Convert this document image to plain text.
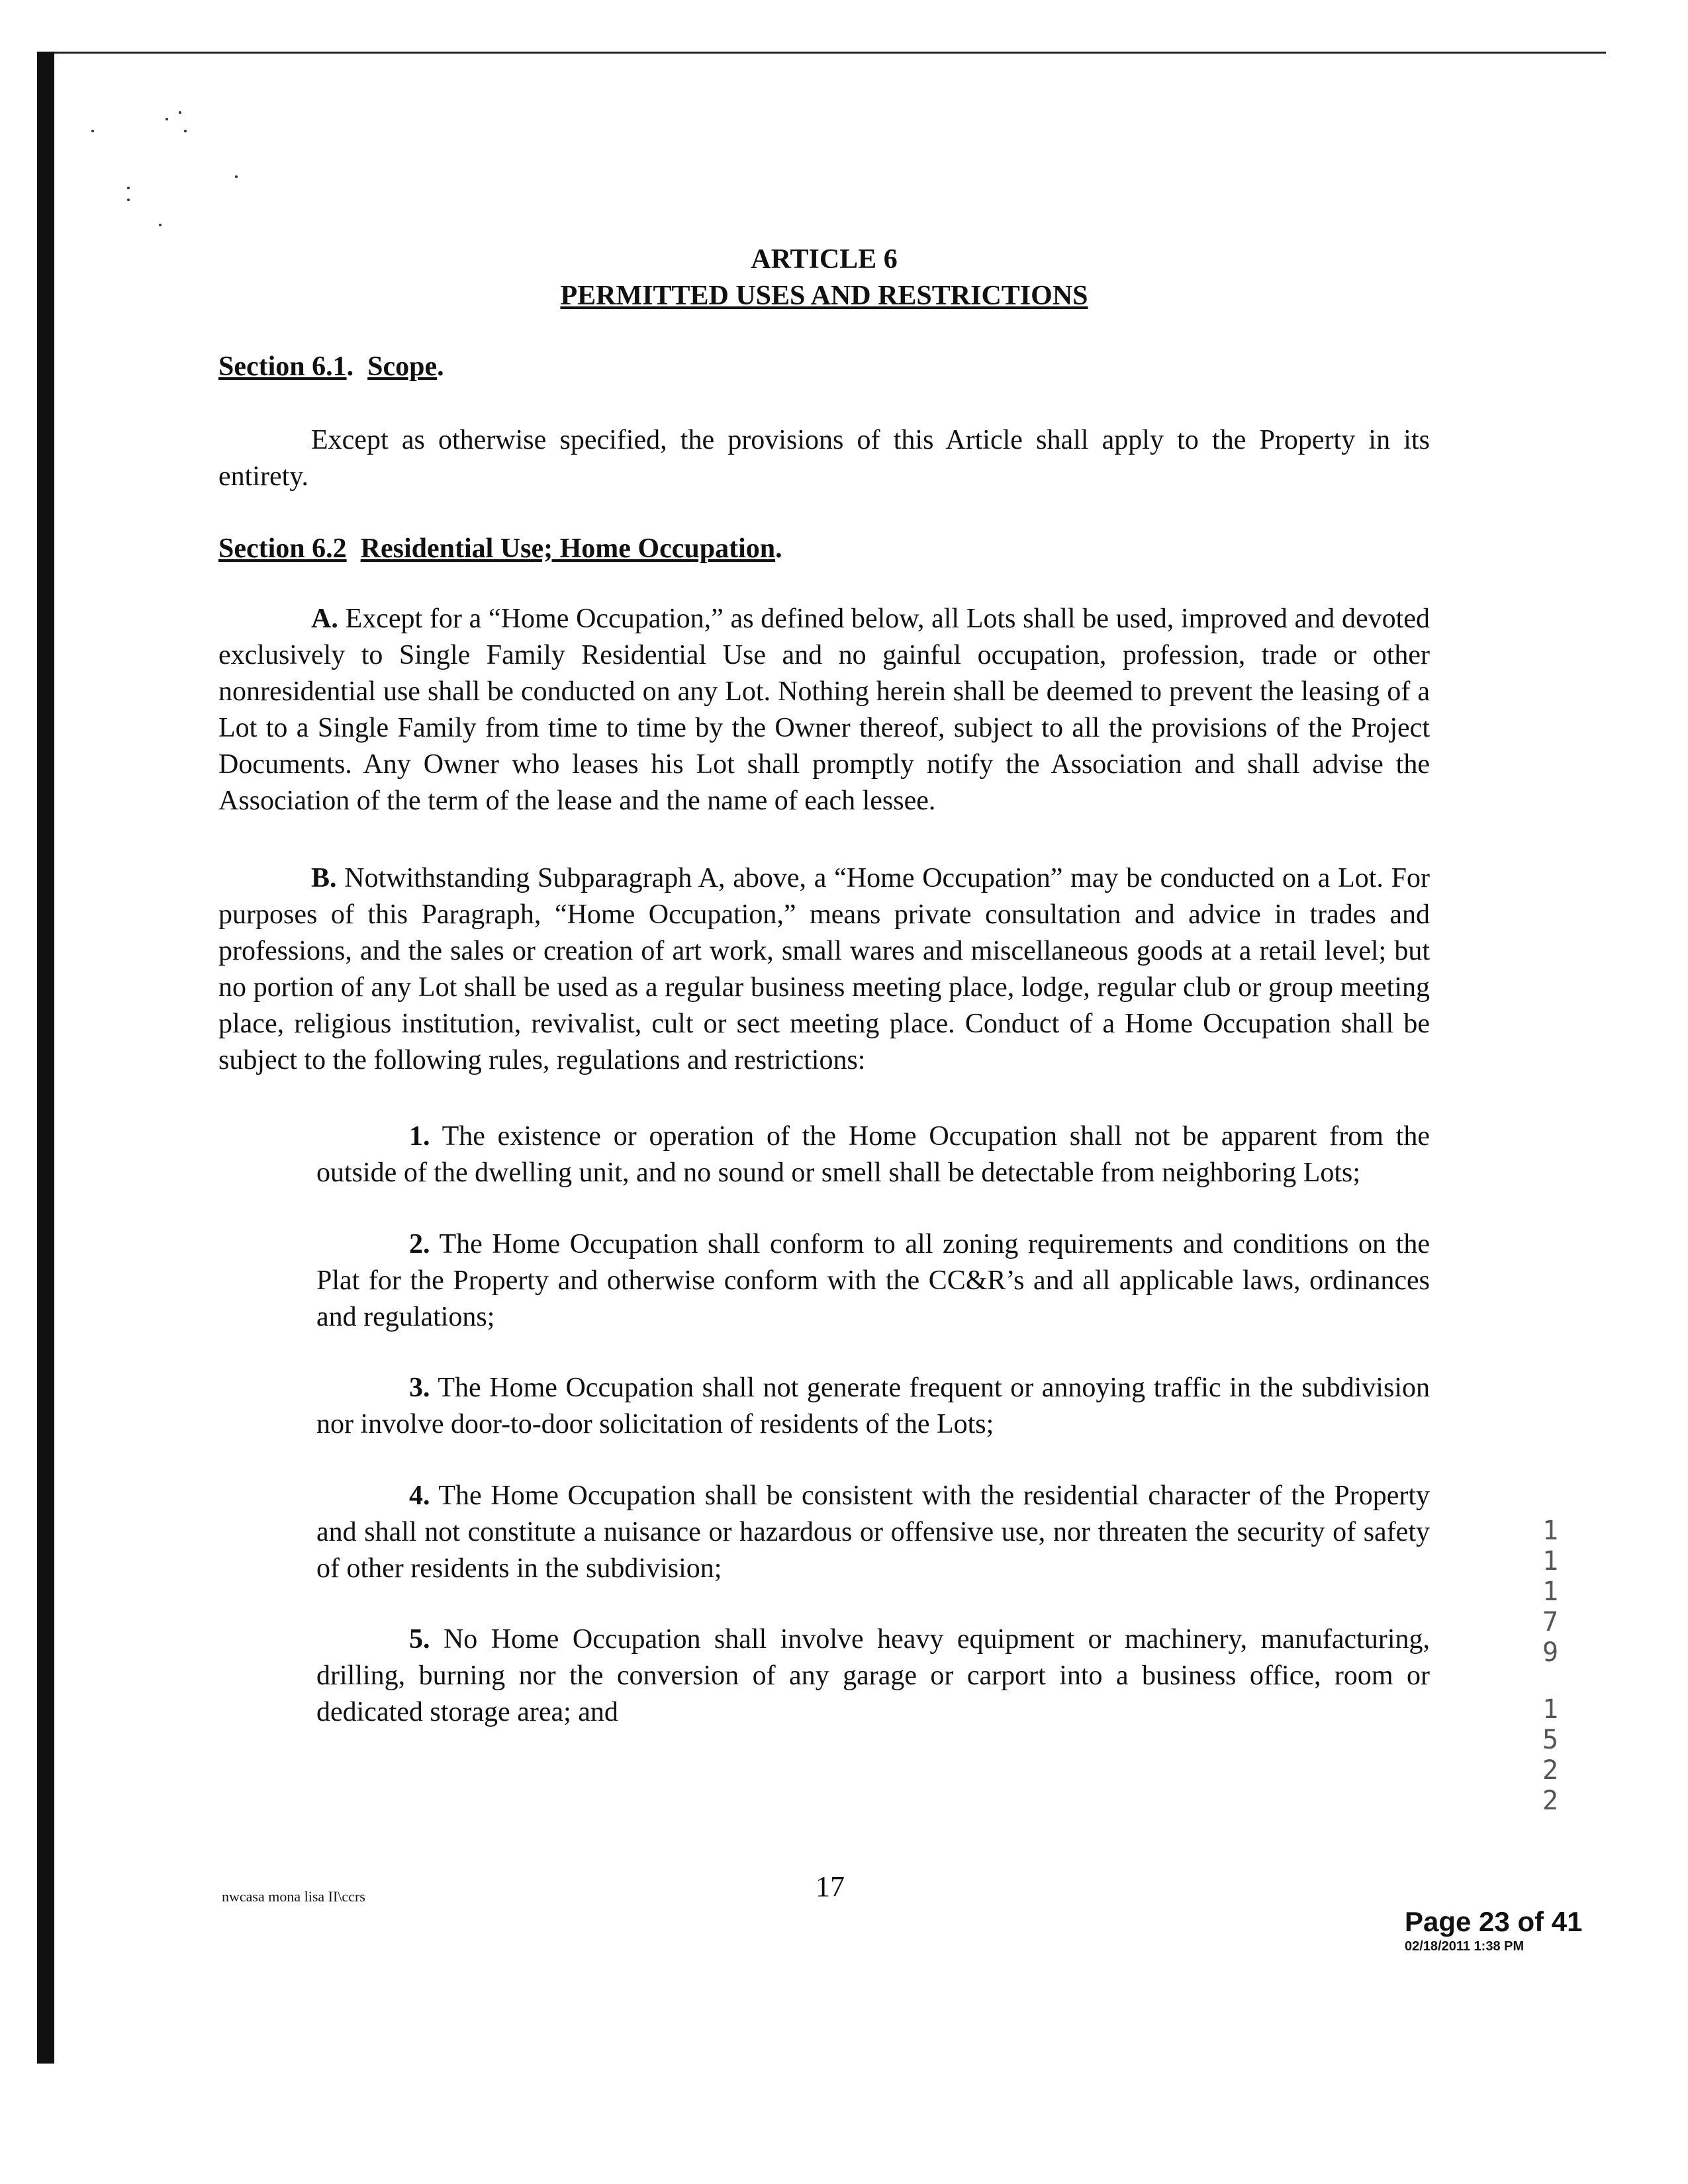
ARTICLE 6
PERMITTED USES AND RESTRICTIONS
Section 6.1.  Scope.

Except as otherwise specified, the provisions of this Article shall apply to the Property in its entirety.

Section 6.2 Residential Use; Home Occupation.

A. Except for a “Home Occupation,” as defined below, all Lots shall be used, improved and devoted exclusively to Single Family Residential Use and no gainful occupation, profession, trade or other nonresidential use shall be conducted on any Lot. Nothing herein shall be deemed to prevent the leasing of a Lot to a Single Family from time to time by the Owner thereof, subject to all the provisions of the Project Documents. Any Owner who leases his Lot shall promptly notify the Association and shall advise the Association of the term of the lease and the name of each lessee.

B. Notwithstanding Subparagraph A, above, a “Home Occupation” may be conducted on a Lot. For purposes of this Paragraph, “Home Occupation,” means private consultation and advice in trades and professions, and the sales or creation of art work, small wares and miscellaneous goods at a retail level; but no portion of any Lot shall be used as a regular business meeting place, lodge, regular club or group meeting place, religious institution, revivalist, cult or sect meeting place. Conduct of a Home Occupation shall be subject to the following rules, regulations and restrictions:

1. The existence or operation of the Home Occupation shall not be apparent from the outside of the dwelling unit, and no sound or smell shall be detectable from neighboring Lots;

2. The Home Occupation shall conform to all zoning requirements and conditions on the Plat for the Property and otherwise conform with the CC&R’s and all applicable laws, ordinances and regulations;

3. The Home Occupation shall not generate frequent or annoying traffic in the subdivision nor involve door-to-door solicitation of residents of the Lots;

4. The Home Occupation shall be consistent with the residential character of the Property and shall not constitute a nuisance or hazardous or offensive use, nor threaten the security of safety of other residents in the subdivision;

5. No Home Occupation shall involve heavy equipment or machinery, manufacturing, drilling, burning nor the conversion of any garage or carport into a business office, room or dedicated storage area; and

1
1
1
7
9
1
5
2
2
nwcasa mona lisa II\ccrs	17
Page 23 of 41
02/18/2011 1:38 PM
